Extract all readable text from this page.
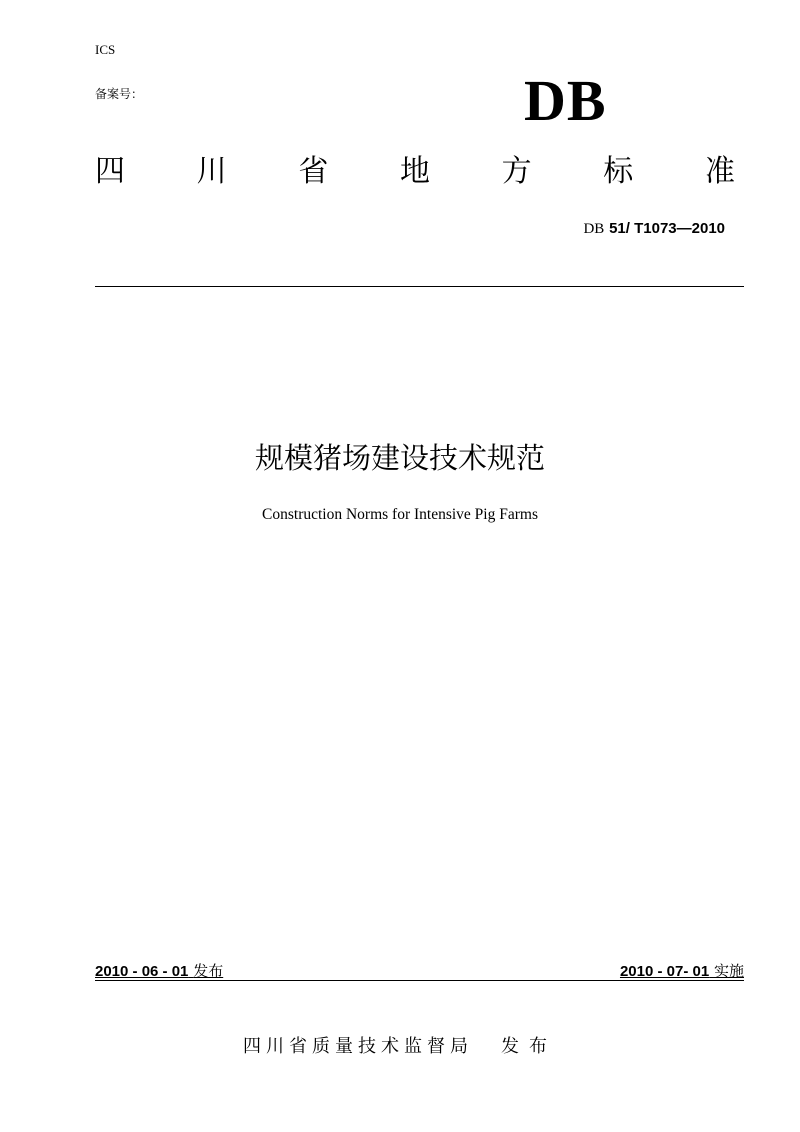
ICS
备案号：	DB
四 川 省 地 方 标 准
DB 51/ T1073—2010
规模猪场建设技术规范
Construction Norms for Intensive Pig Farms
2010 - 06 - 01 发布	2010 - 07- 01 实施
四川省质量技术监督局 发布
